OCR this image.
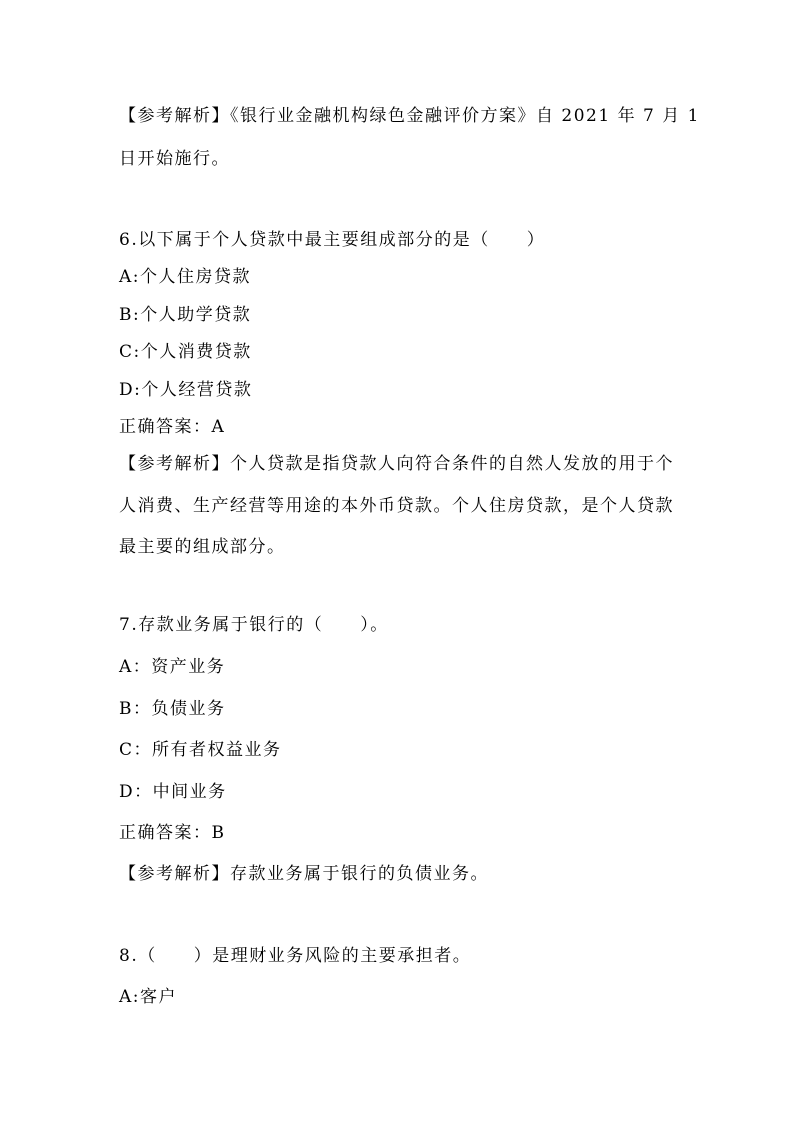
【参考解析】《银行业金融机构绿色金融评价方案》自 2021 年 7 月 1
日开始施行。
6.以下属于个人贷款中最主要组成部分的是（　　）
A:个人住房贷款
B:个人助学贷款
C:个人消费贷款
D:个人经营贷款
正确答案：A
【参考解析】个人贷款是指贷款人向符合条件的自然人发放的用于个
人消费、生产经营等用途的本外币贷款。个人住房贷款，是个人贷款
最主要的组成部分。
7.存款业务属于银行的（　　）。
A：资产业务
B：负债业务
C：所有者权益业务
D：中间业务
正确答案：B
【参考解析】存款业务属于银行的负债业务。
8.（　　）是理财业务风险的主要承担者。
A:客户
